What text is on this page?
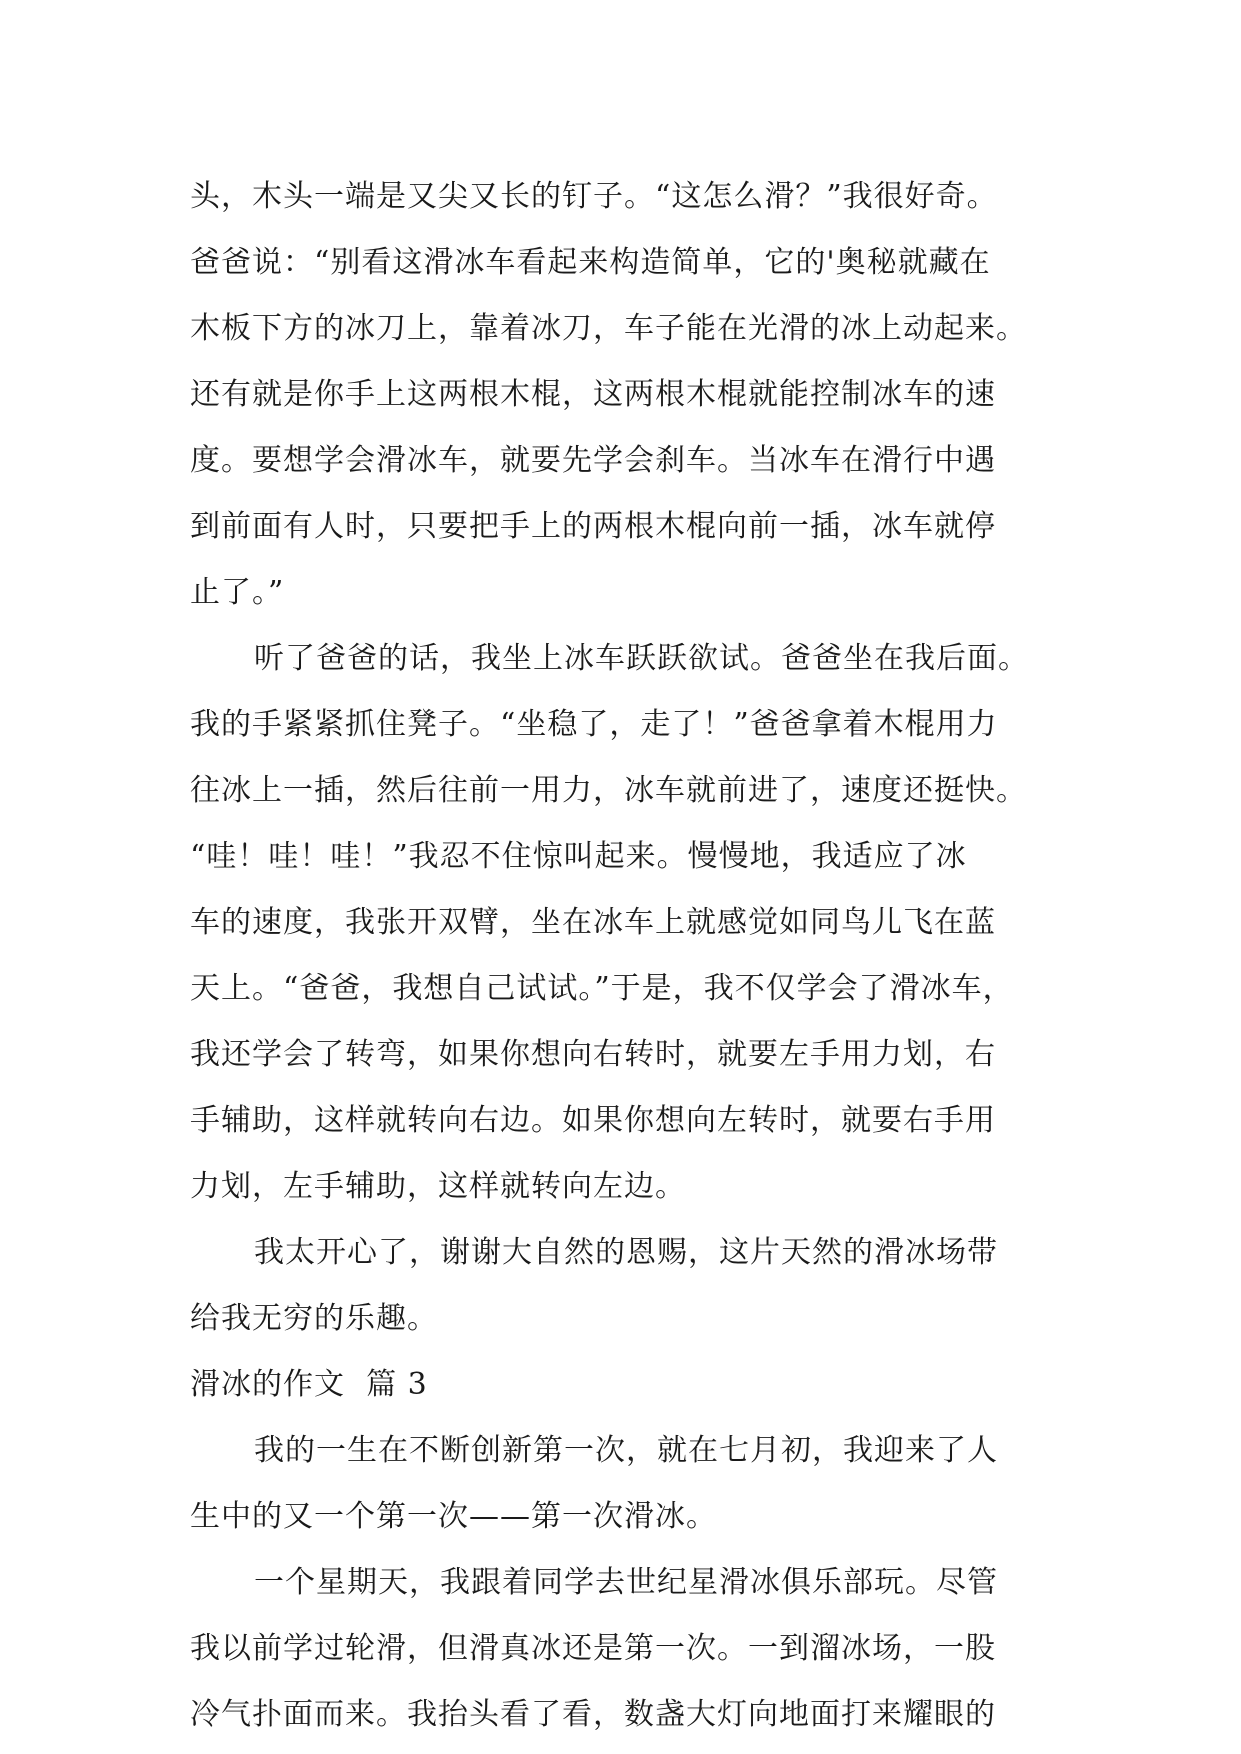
头，木头一端是又尖又长的钉子。“这怎么滑？”我很好奇。
爸爸说：“别看这滑冰车看起来构造简单，它的'奥秘就藏在
木板下方的冰刀上，靠着冰刀，车子能在光滑的冰上动起来。
还有就是你手上这两根木棍，这两根木棍就能控制冰车的速
度。要想学会滑冰车，就要先学会刹车。当冰车在滑行中遇
到前面有人时，只要把手上的两根木棍向前一插，冰车就停
止了。”
听了爸爸的话，我坐上冰车跃跃欲试。爸爸坐在我后面。
我的手紧紧抓住凳子。“坐稳了，走了！”爸爸拿着木棍用力
往冰上一插，然后往前一用力，冰车就前进了，速度还挺快。
“哇！哇！哇！”我忍不住惊叫起来。慢慢地，我适应了冰
车的速度，我张开双臂，坐在冰车上就感觉如同鸟儿飞在蓝
天上。“爸爸，我想自己试试。”于是，我不仅学会了滑冰车，
我还学会了转弯，如果你想向右转时，就要左手用力划，右
手辅助，这样就转向右边。如果你想向左转时，就要右手用
力划，左手辅助，这样就转向左边。
我太开心了，谢谢大自然的恩赐，这片天然的滑冰场带
给我无穷的乐趣。
滑冰的作文  篇 3
我的一生在不断创新第一次，就在七月初，我迎来了人
生中的又一个第一次——第一次滑冰。
一个星期天，我跟着同学去世纪星滑冰俱乐部玩。尽管
我以前学过轮滑，但滑真冰还是第一次。一到溜冰场，一股
冷气扑面而来。我抬头看了看，数盏大灯向地面打来耀眼的
